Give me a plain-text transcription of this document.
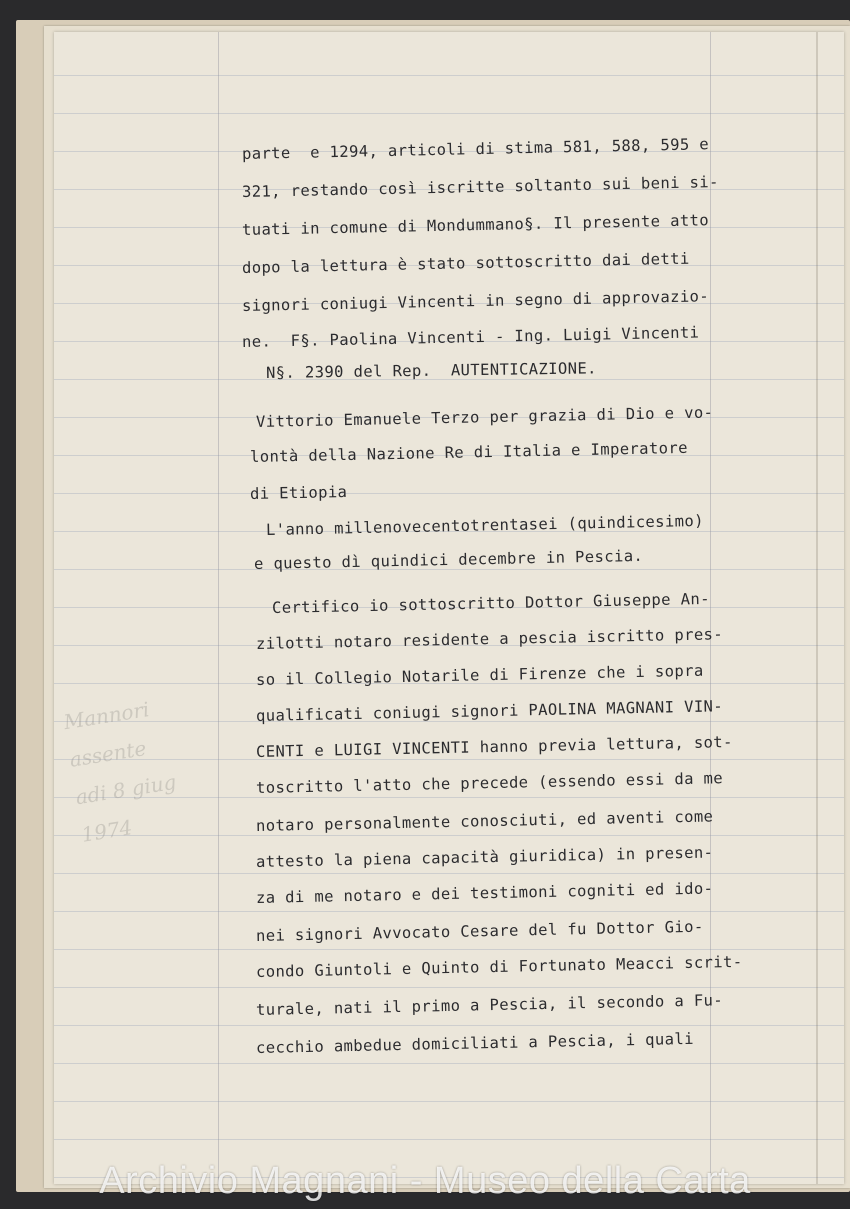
Mannori
assente
adi 8 giug
1974
parte  e 1294, articoli di stima 581, 588, 595 e
321, restando così iscritte soltanto sui beni si-
tuati in comune di Mondummano§. Il presente atto
dopo la lettura è stato sottoscritto dai detti
signori coniugi Vincenti in segno di approvazio-
ne.  F§. Paolina Vincenti - Ing. Luigi Vincenti
N§. 2390 del Rep.  AUTENTICAZIONE.
Vittorio Emanuele Terzo per grazia di Dio e vo-
lontà della Nazione Re di Italia e Imperatore
di Etiopia
L'anno millenovecentotrentasei (quindicesimo)
e questo dì quindici decembre in Pescia.
Certifico io sottoscritto Dottor Giuseppe An-
zilotti notaro residente a pescia iscritto pres-
so il Collegio Notarile di Firenze che i sopra
qualificati coniugi signori PAOLINA MAGNANI VIN-
CENTI e LUIGI VINCENTI hanno previa lettura, sot-
toscritto l'atto che precede (essendo essi da me
notaro personalmente conosciuti, ed aventi come
attesto la piena capacità giuridica) in presen-
za di me notaro e dei testimoni cogniti ed ido-
nei signori Avvocato Cesare del fu Dottor Gio-
condo Giuntoli e Quinto di Fortunato Meacci scrit-
turale, nati il primo a Pescia, il secondo a Fu-
cecchio ambedue domiciliati a Pescia, i quali
Archivio Magnani - Museo della Carta
